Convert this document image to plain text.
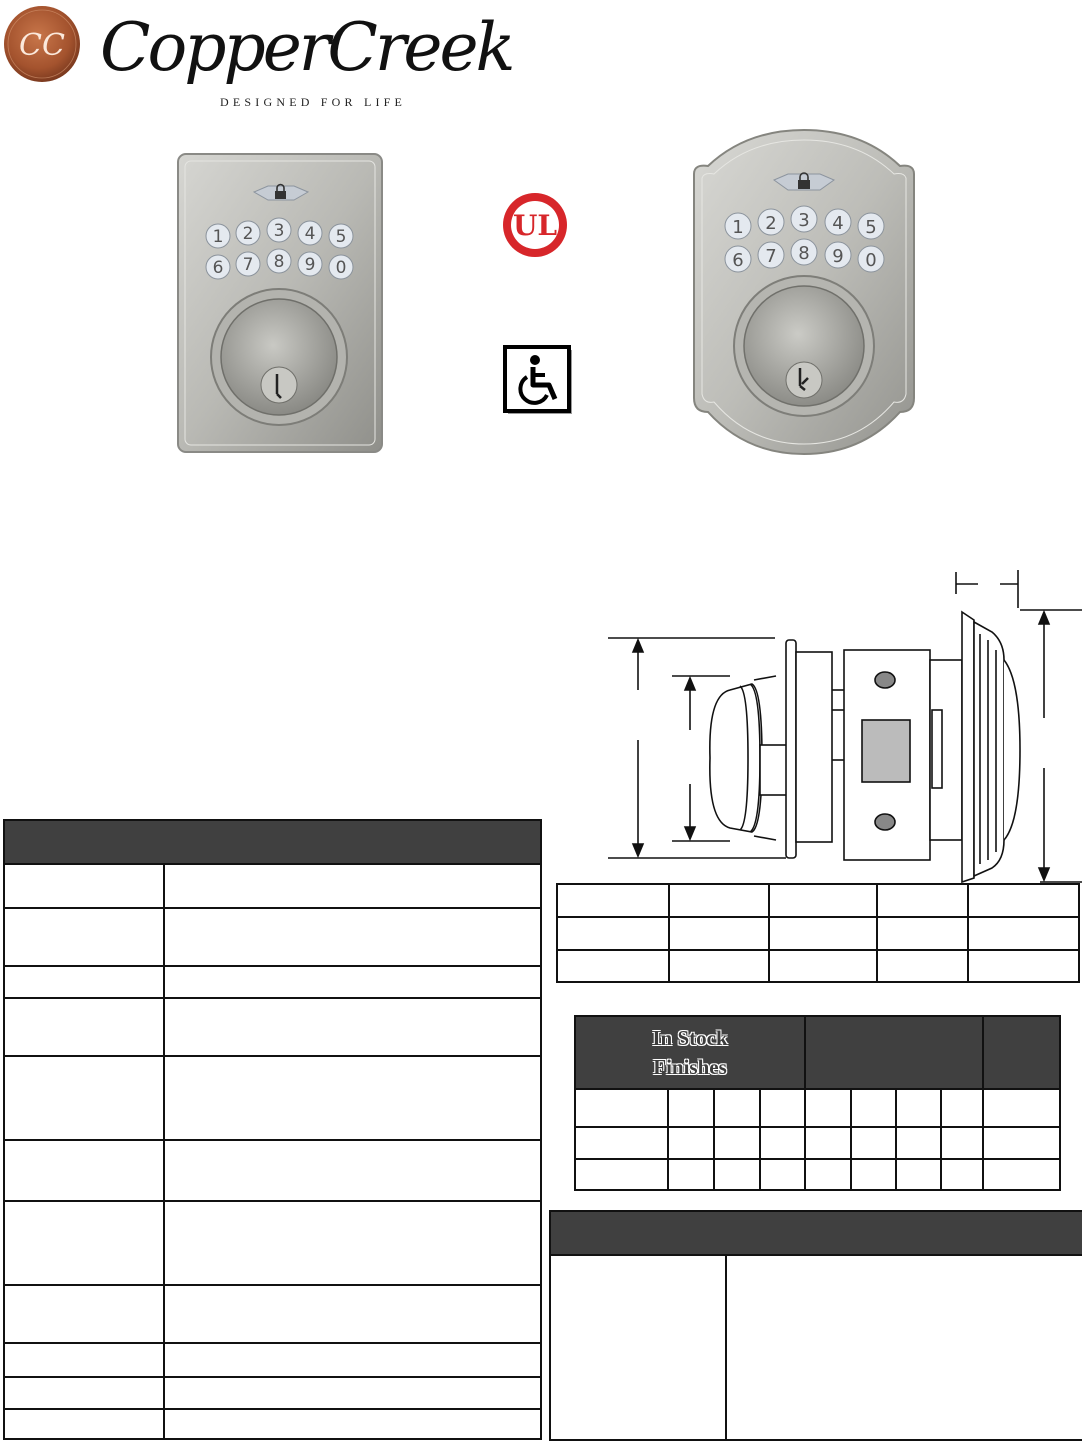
CC CopperCreek
DESIGNED FOR LIFE
1 2 3 4 5
6 7 8 9 0
UL	1 2 3 4 5
6 7 8 9 0

In Stock
Finishes								
